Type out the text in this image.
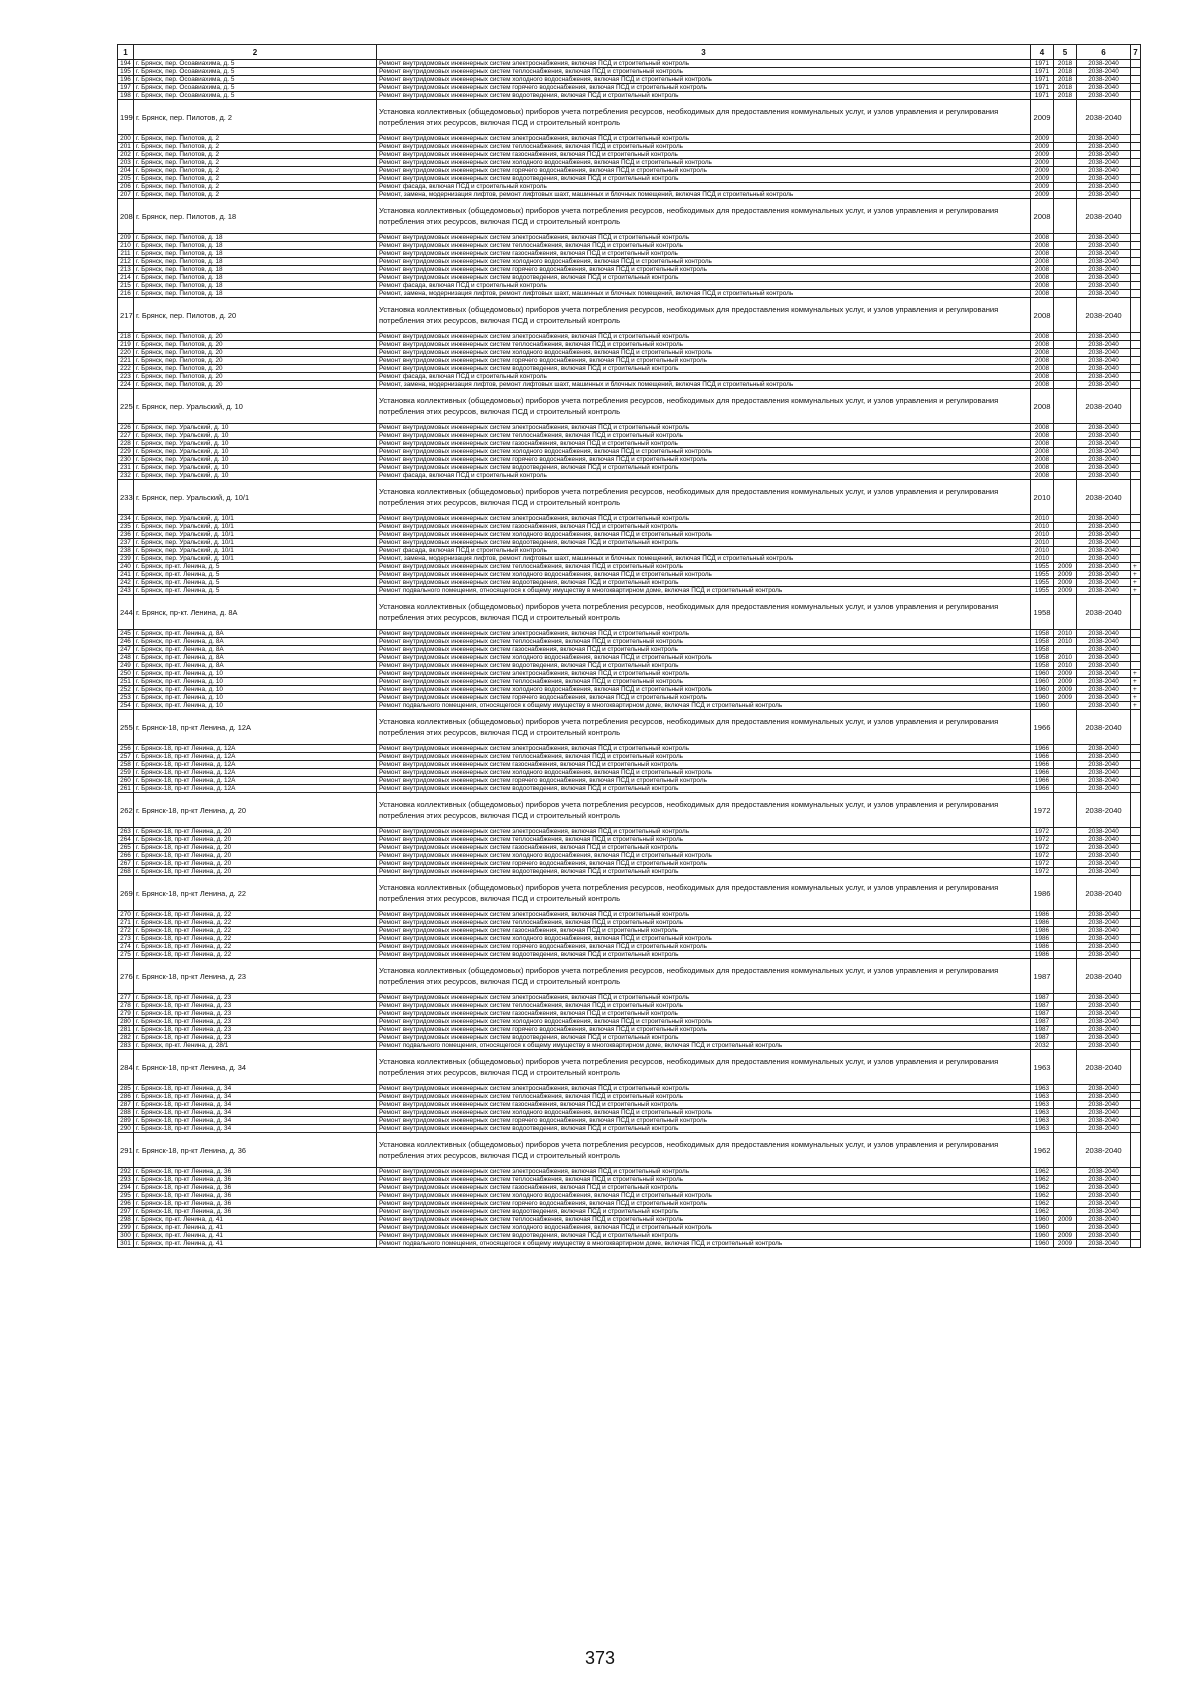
1	2	3	4	5	6	7
194	г. Брянск, пер. Осоавиахима, д. 5	Ремонт внутридомовых инженерных систем электроснабжения, включая ПСД и строительный контроль	1971	2018	2038-2040	
195	г. Брянск, пер. Осоавиахима, д. 5	Ремонт внутридомовых инженерных систем теплоснабжения, включая ПСД и строительный контроль	1971	2018	2038-2040	
196	г. Брянск, пер. Осоавиахима, д. 5	Ремонт внутридомовых инженерных систем холодного водоснабжения, включая ПСД и строительный контроль	1971	2018	2038-2040	
197	г. Брянск, пер. Осоавиахима, д. 5	Ремонт внутридомовых инженерных систем горячего водоснабжения, включая ПСД и строительный контроль	1971	2018	2038-2040	
198	г. Брянск, пер. Осоавиахима, д. 5	Ремонт внутридомовых инженерных систем водоотведения, включая ПСД и строительный контроль	1971	2018	2038-2040	
199	г. Брянск, пер. Пилотов, д. 2	Установка коллективных (общедомовых) приборов учета потребления ресурсов, необходимых для предоставления коммунальных услуг, и узлов управления и регулирования потребления этих ресурсов, включая ПСД и строительный контроль	2009		2038-2040	
200	г. Брянск, пер. Пилотов, д. 2	Ремонт внутридомовых инженерных систем электроснабжения, включая ПСД и строительный контроль	2009		2038-2040	
201	г. Брянск, пер. Пилотов, д. 2	Ремонт внутридомовых инженерных систем теплоснабжения, включая ПСД и строительный контроль	2009		2038-2040	
202	г. Брянск, пер. Пилотов, д. 2	Ремонт внутридомовых инженерных систем газоснабжения, включая ПСД и строительный контроль	2009		2038-2040	
203	г. Брянск, пер. Пилотов, д. 2	Ремонт внутридомовых инженерных систем холодного водоснабжения, включая ПСД и строительный контроль	2009		2038-2040	
204	г. Брянск, пер. Пилотов, д. 2	Ремонт внутридомовых инженерных систем горячего водоснабжения, включая ПСД и строительный контроль	2009		2038-2040	
205	г. Брянск, пер. Пилотов, д. 2	Ремонт внутридомовых инженерных систем водоотведения, включая ПСД и строительный контроль	2009		2038-2040	
206	г. Брянск, пер. Пилотов, д. 2	Ремонт фасада, включая ПСД и строительный контроль	2009		2038-2040	
207	г. Брянск, пер. Пилотов, д. 2	Ремонт, замена, модернизация лифтов, ремонт лифтовых шахт, машинных и блочных помещений, включая ПСД и строительный контроль	2009		2038-2040	
208	г. Брянск, пер. Пилотов, д. 18	Установка коллективных (общедомовых) приборов учета потребления ресурсов, необходимых для предоставления коммунальных услуг, и узлов управления и регулирования потребления этих ресурсов, включая ПСД и строительный контроль	2008		2038-2040	
209	г. Брянск, пер. Пилотов, д. 18	Ремонт внутридомовых инженерных систем электроснабжения, включая ПСД и строительный контроль	2008		2038-2040	
210	г. Брянск, пер. Пилотов, д. 18	Ремонт внутридомовых инженерных систем теплоснабжения, включая ПСД и строительный контроль	2008		2038-2040	
211	г. Брянск, пер. Пилотов, д. 18	Ремонт внутридомовых инженерных систем газоснабжения, включая ПСД и строительный контроль	2008		2038-2040	
212	г. Брянск, пер. Пилотов, д. 18	Ремонт внутридомовых инженерных систем холодного водоснабжения, включая ПСД и строительный контроль	2008		2038-2040	
213	г. Брянск, пер. Пилотов, д. 18	Ремонт внутридомовых инженерных систем горячего водоснабжения, включая ПСД и строительный контроль	2008		2038-2040	
214	г. Брянск, пер. Пилотов, д. 18	Ремонт внутридомовых инженерных систем водоотведения, включая ПСД и строительный контроль	2008		2038-2040	
215	г. Брянск, пер. Пилотов, д. 18	Ремонт фасада, включая ПСД и строительный контроль	2008		2038-2040	
216	г. Брянск, пер. Пилотов, д. 18	Ремонт, замена, модернизация лифтов, ремонт лифтовых шахт, машинных и блочных помещений, включая ПСД и строительный контроль	2008		2038-2040	
217	г. Брянск, пер. Пилотов, д. 20	Установка коллективных (общедомовых) приборов учета потребления ресурсов, необходимых для предоставления коммунальных услуг, и узлов управления и регулирования потребления этих ресурсов, включая ПСД и строительный контроль	2008		2038-2040	
218	г. Брянск, пер. Пилотов, д. 20	Ремонт внутридомовых инженерных систем электроснабжения, включая ПСД и строительный контроль	2008		2038-2040	
219	г. Брянск, пер. Пилотов, д. 20	Ремонт внутридомовых инженерных систем теплоснабжения, включая ПСД и строительный контроль	2008		2038-2040	
220	г. Брянск, пер. Пилотов, д. 20	Ремонт внутридомовых инженерных систем холодного водоснабжения, включая ПСД и строительный контроль	2008		2038-2040	
221	г. Брянск, пер. Пилотов, д. 20	Ремонт внутридомовых инженерных систем горячего водоснабжения, включая ПСД и строительный контроль	2008		2038-2040	
222	г. Брянск, пер. Пилотов, д. 20	Ремонт внутридомовых инженерных систем водоотведения, включая ПСД и строительный контроль	2008		2038-2040	
223	г. Брянск, пер. Пилотов, д. 20	Ремонт фасада, включая ПСД и строительный контроль	2008		2038-2040	
224	г. Брянск, пер. Пилотов, д. 20	Ремонт, замена, модернизация лифтов, ремонт лифтовых шахт, машинных и блочных помещений, включая ПСД и строительный контроль	2008		2038-2040	
225	г. Брянск, пер. Уральский, д. 10	Установка коллективных (общедомовых) приборов учета потребления ресурсов, необходимых для предоставления коммунальных услуг, и узлов управления и регулирования потребления этих ресурсов, включая ПСД и строительный контроль	2008		2038-2040	
226	г. Брянск, пер. Уральский, д. 10	Ремонт внутридомовых инженерных систем электроснабжения, включая ПСД и строительный контроль	2008		2038-2040	
227	г. Брянск, пер. Уральский, д. 10	Ремонт внутридомовых инженерных систем теплоснабжения, включая ПСД и строительный контроль	2008		2038-2040	
228	г. Брянск, пер. Уральский, д. 10	Ремонт внутридомовых инженерных систем газоснабжения, включая ПСД и строительный контроль	2008		2038-2040	
229	г. Брянск, пер. Уральский, д. 10	Ремонт внутридомовых инженерных систем холодного водоснабжения, включая ПСД и строительный контроль	2008		2038-2040	
230	г. Брянск, пер. Уральский, д. 10	Ремонт внутридомовых инженерных систем горячего водоснабжения, включая ПСД и строительный контроль	2008		2038-2040	
231	г. Брянск, пер. Уральский, д. 10	Ремонт внутридомовых инженерных систем водоотведения, включая ПСД и строительный контроль	2008		2038-2040	
232	г. Брянск, пер. Уральский, д. 10	Ремонт фасада, включая ПСД и строительный контроль	2008		2038-2040	
233	г. Брянск, пер. Уральский, д. 10/1	Установка коллективных (общедомовых) приборов учета потребления ресурсов, необходимых для предоставления коммунальных услуг, и узлов управления и регулирования потребления этих ресурсов, включая ПСД и строительный контроль	2010		2038-2040	
234	г. Брянск, пер. Уральский, д. 10/1	Ремонт внутридомовых инженерных систем электроснабжения, включая ПСД и строительный контроль	2010		2038-2040	
235	г. Брянск, пер. Уральский, д. 10/1	Ремонт внутридомовых инженерных систем газоснабжения, включая ПСД и строительный контроль	2010		2038-2040	
236	г. Брянск, пер. Уральский, д. 10/1	Ремонт внутридомовых инженерных систем холодного водоснабжения, включая ПСД и строительный контроль	2010		2038-2040	
237	г. Брянск, пер. Уральский, д. 10/1	Ремонт внутридомовых инженерных систем водоотведения, включая ПСД и строительный контроль	2010		2038-2040	
238	г. Брянск, пер. Уральский, д. 10/1	Ремонт фасада, включая ПСД и строительный контроль	2010		2038-2040	
239	г. Брянск, пер. Уральский, д. 10/1	Ремонт, замена, модернизация лифтов, ремонт лифтовых шахт, машинных и блочных помещений, включая ПСД и строительный контроль	2010		2038-2040	
240	г. Брянск, пр-кт. Ленина, д. 5	Ремонт внутридомовых инженерных систем теплоснабжения, включая ПСД и строительный контроль	1955	2009	2038-2040	+
241	г. Брянск, пр-кт. Ленина, д. 5	Ремонт внутридомовых инженерных систем холодного водоснабжения, включая ПСД и строительный контроль	1955	2009	2038-2040	+
242	г. Брянск, пр-кт. Ленина, д. 5	Ремонт внутридомовых инженерных систем водоотведения, включая ПСД и строительный контроль	1955	2009	2038-2040	+
243	г. Брянск, пр-кт. Ленина, д. 5	Ремонт подвального помещения, относящегося к общему имуществу в многоквартирном доме, включая ПСД и строительный контроль	1955	2009	2038-2040	+
244	г. Брянск, пр-кт. Ленина, д. 8А	Установка коллективных (общедомовых) приборов учета потребления ресурсов, необходимых для предоставления коммунальных услуг, и узлов управления и регулирования потребления этих ресурсов, включая ПСД и строительный контроль	1958		2038-2040	
245	г. Брянск, пр-кт. Ленина, д. 8А	Ремонт внутридомовых инженерных систем электроснабжения, включая ПСД и строительный контроль	1958	2010	2038-2040	
246	г. Брянск, пр-кт. Ленина, д. 8А	Ремонт внутридомовых инженерных систем теплоснабжения, включая ПСД и строительный контроль	1958	2010	2038-2040	
247	г. Брянск, пр-кт. Ленина, д. 8А	Ремонт внутридомовых инженерных систем газоснабжения, включая ПСД и строительный контроль	1958		2038-2040	
248	г. Брянск, пр-кт. Ленина, д. 8А	Ремонт внутридомовых инженерных систем холодного водоснабжения, включая ПСД и строительный контроль	1958	2010	2038-2040	
249	г. Брянск, пр-кт. Ленина, д. 8А	Ремонт внутридомовых инженерных систем водоотведения, включая ПСД и строительный контроль	1958	2010	2038-2040	
250	г. Брянск, пр-кт. Ленина, д. 10	Ремонт внутридомовых инженерных систем электроснабжения, включая ПСД и строительный контроль	1960	2009	2038-2040	+
251	г. Брянск, пр-кт. Ленина, д. 10	Ремонт внутридомовых инженерных систем теплоснабжения, включая ПСД и строительный контроль	1960	2009	2038-2040	+
252	г. Брянск, пр-кт. Ленина, д. 10	Ремонт внутридомовых инженерных систем холодного водоснабжения, включая ПСД и строительный контроль	1960	2009	2038-2040	+
253	г. Брянск, пр-кт. Ленина, д. 10	Ремонт внутридомовых инженерных систем горячего водоснабжения, включая ПСД и строительный контроль	1960	2009	2038-2040	+
254	г. Брянск, пр-кт. Ленина, д. 10	Ремонт подвального помещения, относящегося к общему имуществу в многоквартирном доме, включая ПСД и строительный контроль	1960		2038-2040	+
255	г. Брянск-18, пр-кт Ленина, д. 12А	Установка коллективных (общедомовых) приборов учета потребления ресурсов, необходимых для предоставления коммунальных услуг, и узлов управления и регулирования потребления этих ресурсов, включая ПСД и строительный контроль	1966		2038-2040	
256	г. Брянск-18, пр-кт Ленина, д. 12А	Ремонт внутридомовых инженерных систем электроснабжения, включая ПСД и строительный контроль	1966		2038-2040	
257	г. Брянск-18, пр-кт Ленина, д. 12А	Ремонт внутридомовых инженерных систем теплоснабжения, включая ПСД и строительный контроль	1966		2038-2040	
258	г. Брянск-18, пр-кт Ленина, д. 12А	Ремонт внутридомовых инженерных систем газоснабжения, включая ПСД и строительный контроль	1966		2038-2040	
259	г. Брянск-18, пр-кт Ленина, д. 12А	Ремонт внутридомовых инженерных систем холодного водоснабжения, включая ПСД и строительный контроль	1966		2038-2040	
260	г. Брянск-18, пр-кт Ленина, д. 12А	Ремонт внутридомовых инженерных систем горячего водоснабжения, включая ПСД и строительный контроль	1966		2038-2040	
261	г. Брянск-18, пр-кт Ленина, д. 12А	Ремонт внутридомовых инженерных систем водоотведения, включая ПСД и строительный контроль	1966		2038-2040	
262	г. Брянск-18, пр-кт Ленина, д. 20	Установка коллективных (общедомовых) приборов учета потребления ресурсов, необходимых для предоставления коммунальных услуг, и узлов управления и регулирования потребления этих ресурсов, включая ПСД и строительный контроль	1972		2038-2040	
263	г. Брянск-18, пр-кт Ленина, д. 20	Ремонт внутридомовых инженерных систем электроснабжения, включая ПСД и строительный контроль	1972		2038-2040	
264	г. Брянск-18, пр-кт Ленина, д. 20	Ремонт внутридомовых инженерных систем теплоснабжения, включая ПСД и строительный контроль	1972		2038-2040	
265	г. Брянск-18, пр-кт Ленина, д. 20	Ремонт внутридомовых инженерных систем газоснабжения, включая ПСД и строительный контроль	1972		2038-2040	
266	г. Брянск-18, пр-кт Ленина, д. 20	Ремонт внутридомовых инженерных систем холодного водоснабжения, включая ПСД и строительный контроль	1972		2038-2040	
267	г. Брянск-18, пр-кт Ленина, д. 20	Ремонт внутридомовых инженерных систем горячего водоснабжения, включая ПСД и строительный контроль	1972		2038-2040	
268	г. Брянск-18, пр-кт Ленина, д. 20	Ремонт внутридомовых инженерных систем водоотведения, включая ПСД и строительный контроль	1972		2038-2040	
269	г. Брянск-18, пр-кт Ленина, д. 22	Установка коллективных (общедомовых) приборов учета потребления ресурсов, необходимых для предоставления коммунальных услуг, и узлов управления и регулирования потребления этих ресурсов, включая ПСД и строительный контроль	1986		2038-2040	
270	г. Брянск-18, пр-кт Ленина, д. 22	Ремонт внутридомовых инженерных систем электроснабжения, включая ПСД и строительный контроль	1986		2038-2040	
271	г. Брянск-18, пр-кт Ленина, д. 22	Ремонт внутридомовых инженерных систем теплоснабжения, включая ПСД и строительный контроль	1986		2038-2040	
272	г. Брянск-18, пр-кт Ленина, д. 22	Ремонт внутридомовых инженерных систем газоснабжения, включая ПСД и строительный контроль	1986		2038-2040	
273	г. Брянск-18, пр-кт Ленина, д. 22	Ремонт внутридомовых инженерных систем холодного водоснабжения, включая ПСД и строительный контроль	1986		2038-2040	
274	г. Брянск-18, пр-кт Ленина, д. 22	Ремонт внутридомовых инженерных систем горячего водоснабжения, включая ПСД и строительный контроль	1986		2038-2040	
275	г. Брянск-18, пр-кт Ленина, д. 22	Ремонт внутридомовых инженерных систем водоотведения, включая ПСД и строительный контроль	1986		2038-2040	
276	г. Брянск-18, пр-кт Ленина, д. 23	Установка коллективных (общедомовых) приборов учета потребления ресурсов, необходимых для предоставления коммунальных услуг, и узлов управления и регулирования потребления этих ресурсов, включая ПСД и строительный контроль	1987		2038-2040	
277	г. Брянск-18, пр-кт Ленина, д. 23	Ремонт внутридомовых инженерных систем электроснабжения, включая ПСД и строительный контроль	1987		2038-2040	
278	г. Брянск-18, пр-кт Ленина, д. 23	Ремонт внутридомовых инженерных систем теплоснабжения, включая ПСД и строительный контроль	1987		2038-2040	
279	г. Брянск-18, пр-кт Ленина, д. 23	Ремонт внутридомовых инженерных систем газоснабжения, включая ПСД и строительный контроль	1987		2038-2040	
280	г. Брянск-18, пр-кт Ленина, д. 23	Ремонт внутридомовых инженерных систем холодного водоснабжения, включая ПСД и строительный контроль	1987		2038-2040	
281	г. Брянск-18, пр-кт Ленина, д. 23	Ремонт внутридомовых инженерных систем горячего водоснабжения, включая ПСД и строительный контроль	1987		2038-2040	
282	г. Брянск-18, пр-кт Ленина, д. 23	Ремонт внутридомовых инженерных систем водоотведения, включая ПСД и строительный контроль	1987		2038-2040	
283	г. Брянск, пр-кт. Ленина, д. 28/1	Ремонт подвального помещения, относящегося к общему имуществу в многоквартирном доме, включая ПСД и строительный контроль	2032		2038-2040	
284	г. Брянск-18, пр-кт Ленина, д. 34	Установка коллективных (общедомовых) приборов учета потребления ресурсов, необходимых для предоставления коммунальных услуг, и узлов управления и регулирования потребления этих ресурсов, включая ПСД и строительный контроль	1963		2038-2040	
285	г. Брянск-18, пр-кт Ленина, д. 34	Ремонт внутридомовых инженерных систем электроснабжения, включая ПСД и строительный контроль	1963		2038-2040	
286	г. Брянск-18, пр-кт Ленина, д. 34	Ремонт внутридомовых инженерных систем теплоснабжения, включая ПСД и строительный контроль	1963		2038-2040	
287	г. Брянск-18, пр-кт Ленина, д. 34	Ремонт внутридомовых инженерных систем газоснабжения, включая ПСД и строительный контроль	1963		2038-2040	
288	г. Брянск-18, пр-кт Ленина, д. 34	Ремонт внутридомовых инженерных систем холодного водоснабжения, включая ПСД и строительный контроль	1963		2038-2040	
289	г. Брянск-18, пр-кт Ленина, д. 34	Ремонт внутридомовых инженерных систем горячего водоснабжения, включая ПСД и строительный контроль	1963		2038-2040	
290	г. Брянск-18, пр-кт Ленина, д. 34	Ремонт внутридомовых инженерных систем водоотведения, включая ПСД и строительный контроль	1963		2038-2040	
291	г. Брянск-18, пр-кт Ленина, д. 36	Установка коллективных (общедомовых) приборов учета потребления ресурсов, необходимых для предоставления коммунальных услуг, и узлов управления и регулирования потребления этих ресурсов, включая ПСД и строительный контроль	1962		2038-2040	
292	г. Брянск-18, пр-кт Ленина, д. 36	Ремонт внутридомовых инженерных систем электроснабжения, включая ПСД и строительный контроль	1962		2038-2040	
293	г. Брянск-18, пр-кт Ленина, д. 36	Ремонт внутридомовых инженерных систем теплоснабжения, включая ПСД и строительный контроль	1962		2038-2040	
294	г. Брянск-18, пр-кт Ленина, д. 36	Ремонт внутридомовых инженерных систем газоснабжения, включая ПСД и строительный контроль	1962		2038-2040	
295	г. Брянск-18, пр-кт Ленина, д. 36	Ремонт внутридомовых инженерных систем холодного водоснабжения, включая ПСД и строительный контроль	1962		2038-2040	
296	г. Брянск-18, пр-кт Ленина, д. 36	Ремонт внутридомовых инженерных систем горячего водоснабжения, включая ПСД и строительный контроль	1962		2038-2040	
297	г. Брянск-18, пр-кт Ленина, д. 36	Ремонт внутридомовых инженерных систем водоотведения, включая ПСД и строительный контроль	1962		2038-2040	
298	г. Брянск, пр-кт. Ленина, д. 41	Ремонт внутридомовых инженерных систем теплоснабжения, включая ПСД и строительный контроль	1960	2009	2038-2040	
299	г. Брянск, пр-кт. Ленина, д. 41	Ремонт внутридомовых инженерных систем холодного водоснабжения, включая ПСД и строительный контроль	1960		2038-2040	
300	г. Брянск, пр-кт. Ленина, д. 41	Ремонт внутридомовых инженерных систем водоотведения, включая ПСД и строительный контроль	1960	2009	2038-2040	
301	г. Брянск, пр-кт. Ленина, д. 41	Ремонт подвального помещения, относящегося к общему имуществу в многоквартирном доме, включая ПСД и строительный контроль	1960	2009	2038-2040	
373
